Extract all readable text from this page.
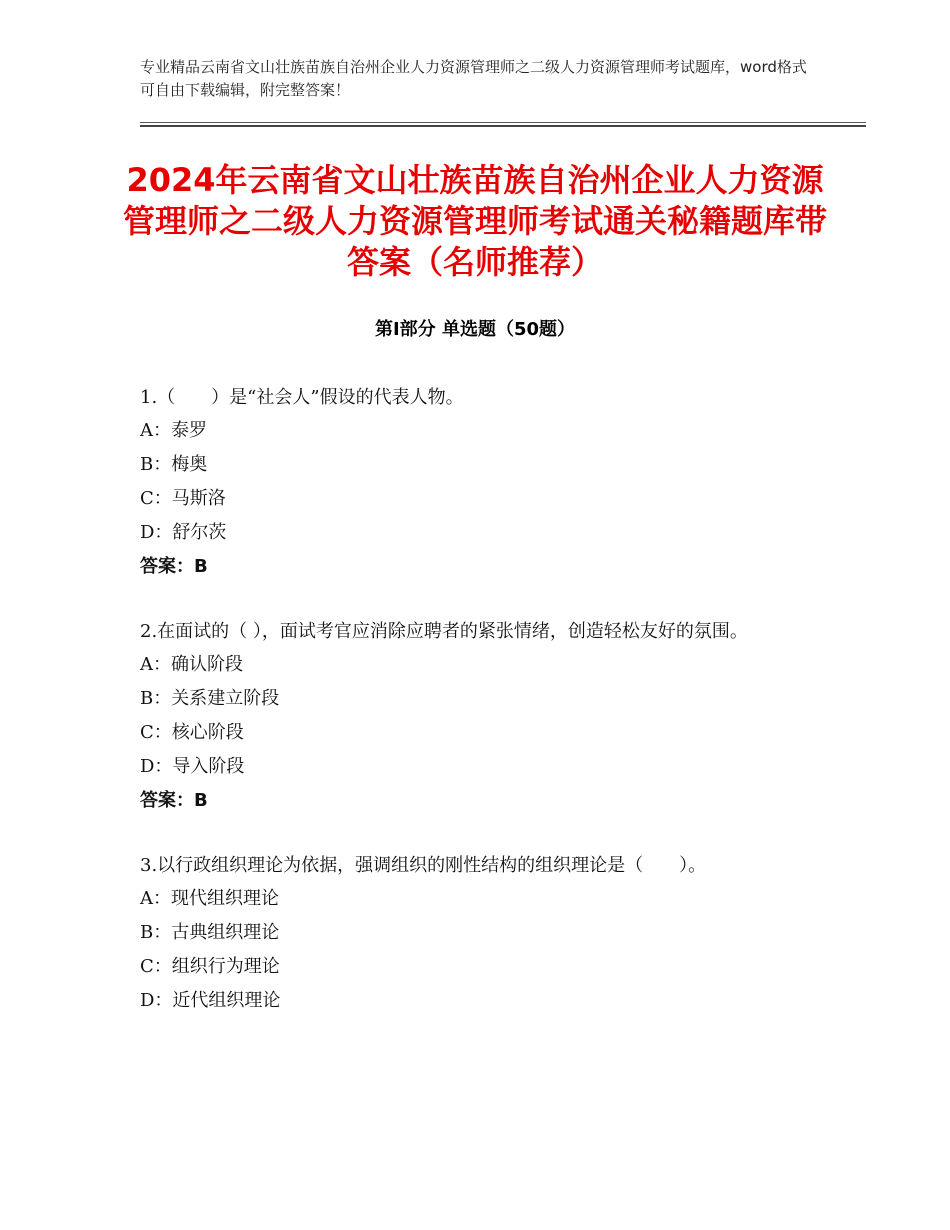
专业精品云南省文山壮族苗族自治州企业人力资源管理师之二级人力资源管理师考试题库，word格式可自由下载编辑，附完整答案！
2024年云南省文山壮族苗族自治州企业人力资源管理师之二级人力资源管理师考试通关秘籍题库带答案（名师推荐）
第Ⅰ部分 单选题（50题）
1.（　　）是“社会人”假设的代表人物。
A：泰罗
B：梅奥
C：马斯洛
D：舒尔茨
答案：B
2.在面试的（ ），面试考官应消除应聘者的紧张情绪，创造轻松友好的氛围。
A：确认阶段
B：关系建立阶段
C：核心阶段
D：导入阶段
答案：B
3.以行政组织理论为依据，强调组织的刚性结构的组织理论是（　　）。
A：现代组织理论
B：古典组织理论
C：组织行为理论
D：近代组织理论
